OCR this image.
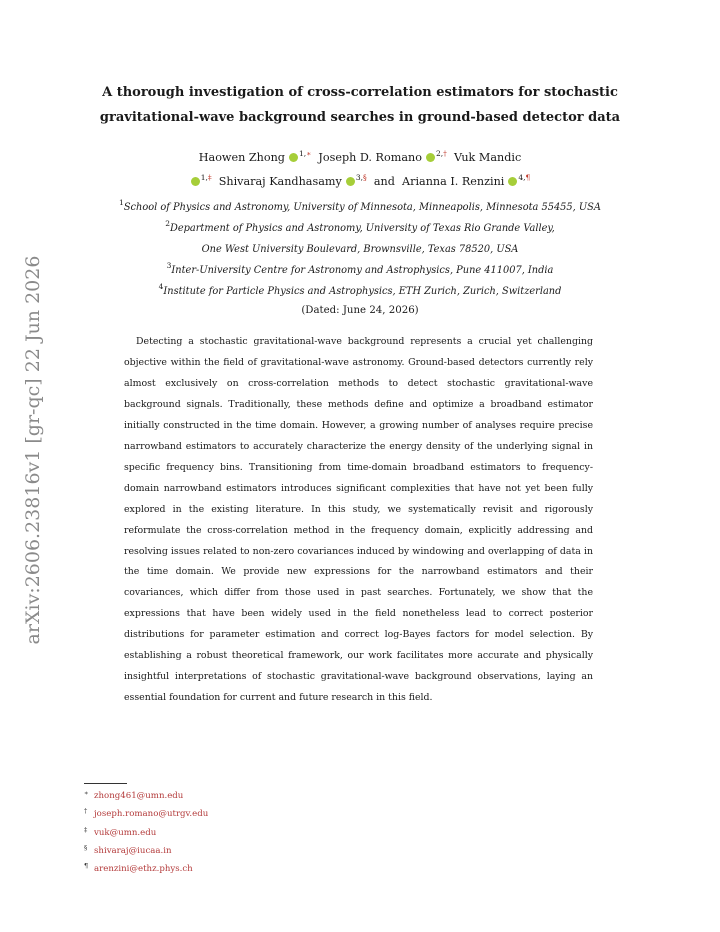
arXiv:2606.23816v1 [gr-qc] 22 Jun 2026
A thorough investigation of cross-correlation estimators for stochastic
gravitational-wave background searches in ground-based detector data
Haowen Zhong $^{1,∗}$ Joseph D. Romano $^{2,\dagger}$ Vuk Mandic
$^{1,\ddagger}$ Shivaraj Kandhasamy $^{3,\S}$ and Arianna I. Renzini $^{4,\P}$
$^1$School of Physics and Astronomy, University of Minnesota, Minneapolis, Minnesota 55455, USA
$^2$Department of Physics and Astronomy, University of Texas Rio Grande Valley,
One West University Boulevard, Brownsville, Texas 78520, USA
$^3$Inter-University Centre for Astronomy and Astrophysics, Pune 411007, India
$^4$Institute for Particle Physics and Astrophysics, ETH Zurich, Zurich, Switzerland
(Dated: June 24, 2026)

Detecting a stochastic gravitational-wave background represents a crucial yet challenging objective within the field of gravitational-wave astronomy. Ground-based detectors currently rely almost exclusively on cross-correlation methods to detect stochastic gravitational-wave background signals. Traditionally, these methods define and optimize a broadband estimator initially constructed in the time domain. However, a growing number of analyses require precise narrowband estimators to accurately characterize the energy density of the underlying signal in specific frequency bins. Transitioning from time-domain broadband estimators to frequency-domain narrowband estimators introduces significant complexities that have not yet been fully explored in the existing literature. In this study, we systematically revisit and rigorously reformulate the cross-correlation method in the frequency domain, explicitly addressing and resolving issues related to non-zero covariances induced by windowing and overlapping of data in the time domain. We provide new expressions for the narrowband estimators and their covariances, which differ from those used in past searches. Fortunately, we show that the expressions that have been widely used in the field nonetheless lead to correct posterior distributions for parameter estimation and correct log-Bayes factors for model selection. By establishing a robust theoretical framework, our work facilitates more accurate and physically insightful interpretations of stochastic gravitational-wave background observations, laying an essential foundation for current and future research in this field.

∗ zhong461@umn.edu
† joseph.romano@utrgv.edu
‡ vuk@umn.edu
§ shivaraj@iucaa.in
¶ arenzini@ethz.phys.ch
